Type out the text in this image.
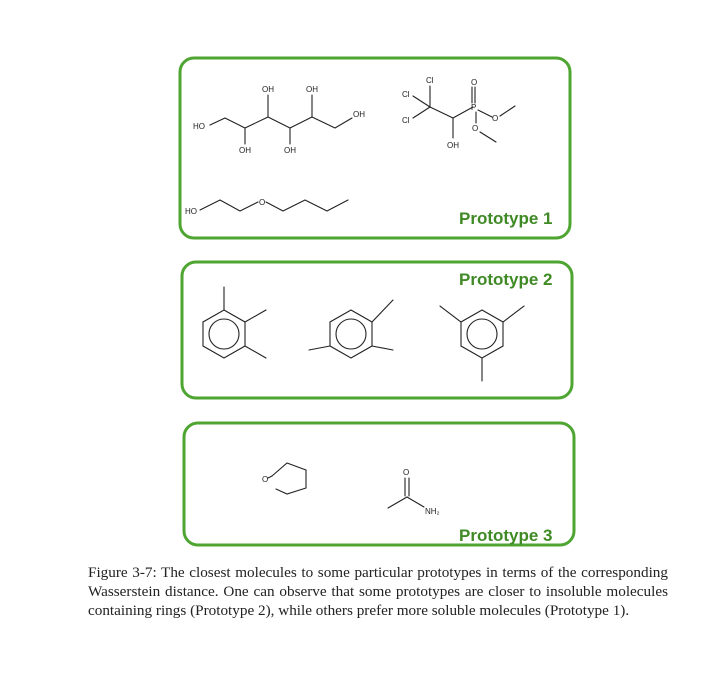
OH	OH
OH
HO
OH	OH
Cl
Cl
Cl
O
P
O
O
OH
HO
O
O
O
NH₂
Prototype 1
Prototype 2
Prototype 3

Figure 3-7: The closest molecules to some particular prototypes in terms of the corresponding Wasserstein distance. One can observe that some prototypes are closer to insoluble molecules containing rings (Prototype 2), while others prefer more soluble molecules (Prototype 1).
